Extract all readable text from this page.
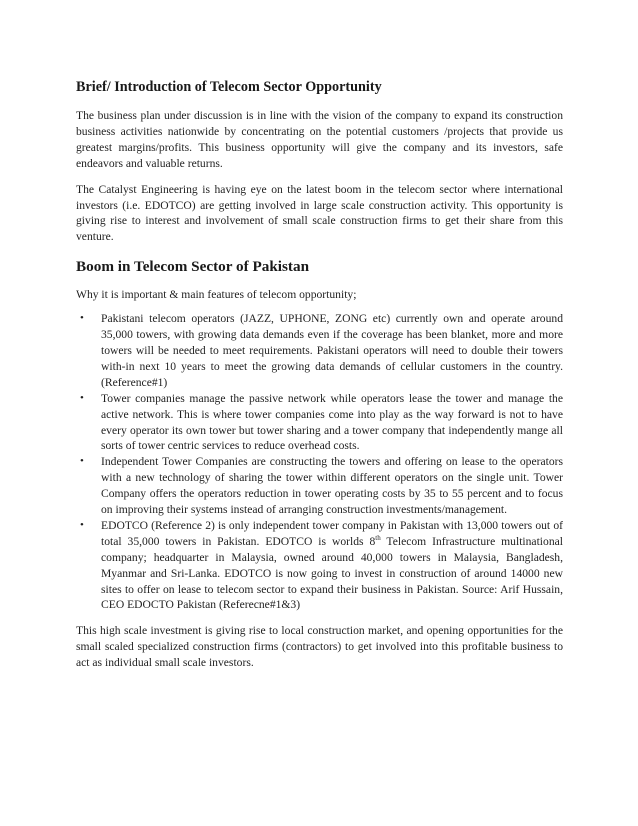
Brief/ Introduction of Telecom Sector Opportunity

The business plan under discussion is in line with the vision of the company to expand its construction business activities nationwide by concentrating on the potential customers /projects that provide us greatest margins/profits. This business opportunity will give the company and its investors, safe endeavors and valuable returns.

The Catalyst Engineering is having eye on the latest boom in the telecom sector where international investors (i.e. EDOTCO) are getting involved in large scale construction activity. This opportunity is giving rise to interest and involvement of small scale construction firms to get their share from this venture.

Boom in Telecom Sector of Pakistan

Why it is important & main features of telecom opportunity;

• Pakistani telecom operators (JAZZ, UPHONE, ZONG etc) currently own and operate around 35,000 towers, with growing data demands even if the coverage has been blanket, more and more towers will be needed to meet requirements. Pakistani operators will need to double their towers with-in next 10 years to meet the growing data demands of cellular customers in the country. (Reference#1)
• Tower companies manage the passive network while operators lease the tower and manage the active network. This is where tower companies come into play as the way forward is not to have every operator its own tower but tower sharing and a tower company that independently mange all sorts of tower centric services to reduce overhead costs.
• Independent Tower Companies are constructing the towers and offering on lease to the operators with a new technology of sharing the tower within different operators on the single unit. Tower Company offers the operators reduction in tower operating costs by 35 to 55 percent and to focus on improving their systems instead of arranging construction investments/management.
• EDOTCO (Reference 2) is only independent tower company in Pakistan with 13,000 towers out of total 35,000 towers in Pakistan. EDOTCO is worlds 8th Telecom Infrastructure multinational company; headquarter in Malaysia, owned around 40,000 towers in Malaysia, Bangladesh, Myanmar and Sri-Lanka. EDOTCO is now going to invest in construction of around 14000 new sites to offer on lease to telecom sector to expand their business in Pakistan. Source: Arif Hussain, CEO EDOCTO Pakistan (Referecne#1&3)

This high scale investment is giving rise to local construction market, and opening opportunities for the small scaled specialized construction firms (contractors) to get involved into this profitable business to act as individual small scale investors.
